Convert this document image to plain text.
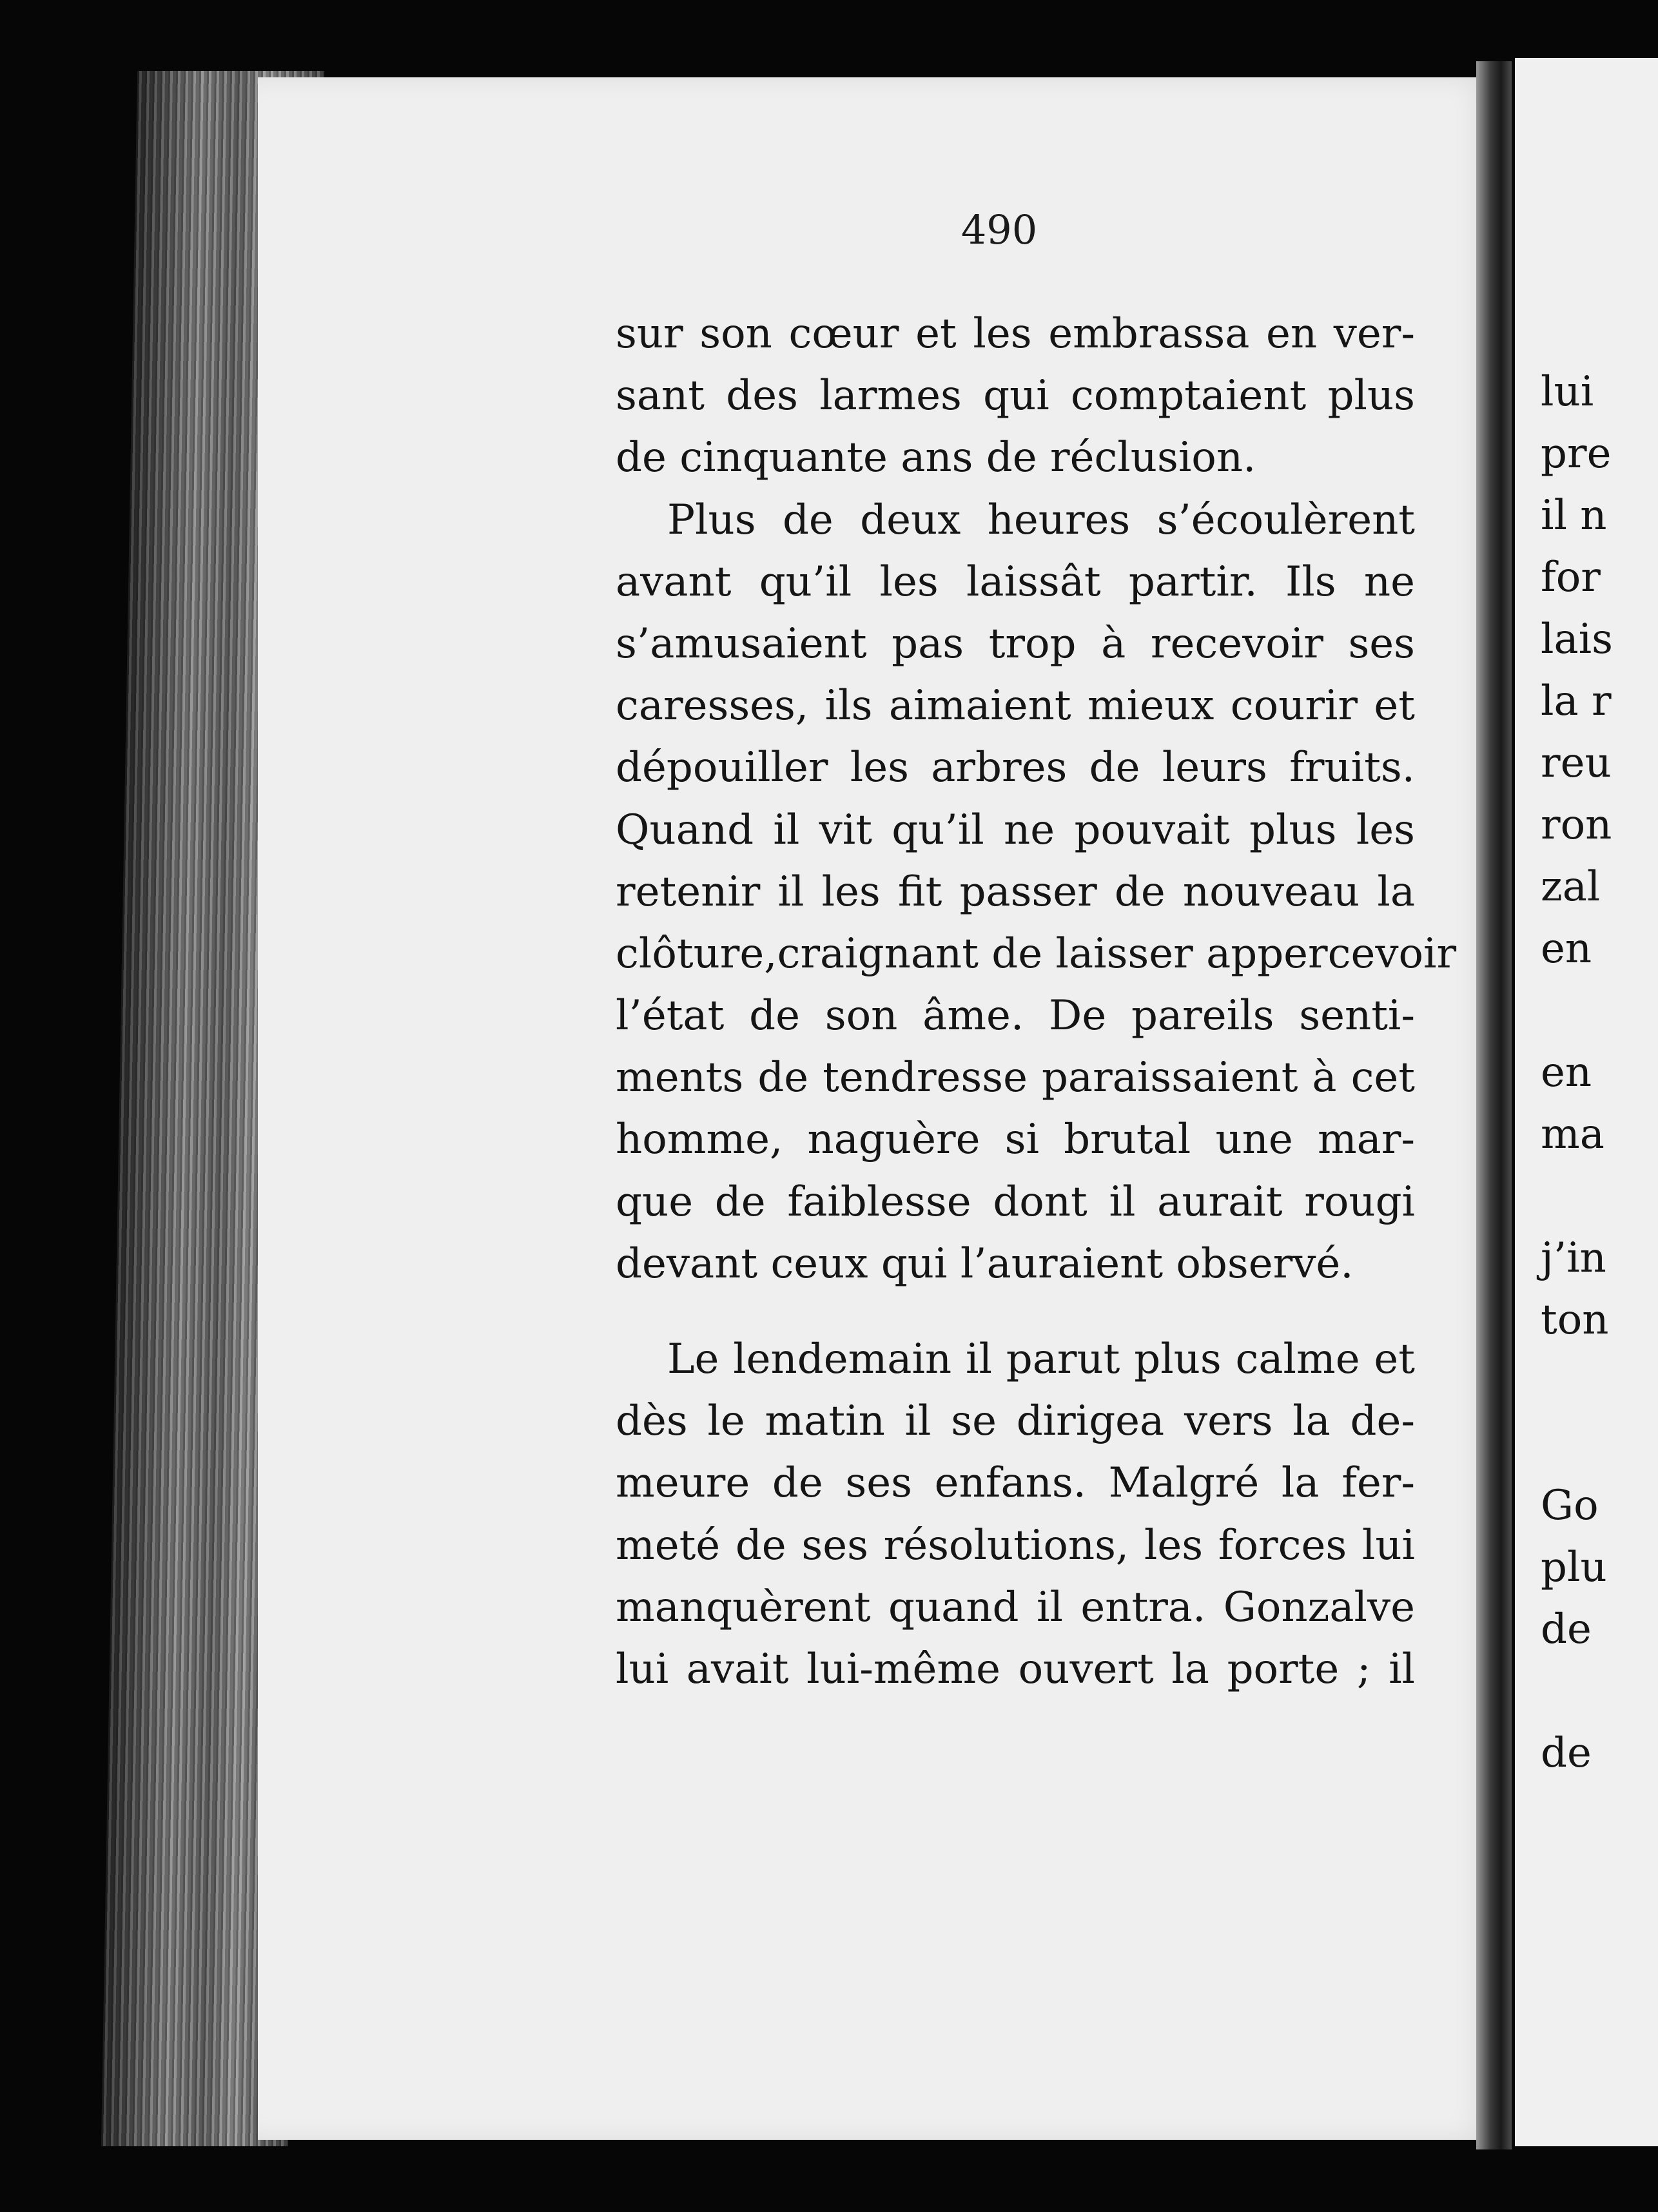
lui
pre
il n
for
lais
la r
reu
ron
zal
en
en
ma
j’in
ton
Go
plu
de
de
490
sur son cœur et les embrassa en ver-
sant des larmes qui comptaient plus
de cinquante ans de réclusion.
Plus de deux heures s’écoulèrent
avant qu’il les laissât partir. Ils ne
s’amusaient pas trop à recevoir ses
caresses, ils aimaient mieux courir et
dépouiller les arbres de leurs fruits.
Quand il vit qu’il ne pouvait plus les
retenir il les fit passer de nouveau la
clôture,craignant de laisser appercevoir
l’état de son âme. De pareils senti-
ments de tendresse paraissaient à cet
homme, naguère si brutal une mar-
que de faiblesse dont il aurait rougi
devant ceux qui l’auraient observé.
Le lendemain il parut plus calme et
dès le matin il se dirigea vers la de-
meure de ses enfans. Malgré la fer-
meté de ses résolutions, les forces lui
manquèrent quand il entra. Gonzalve
lui avait lui-même ouvert la porte ; il
